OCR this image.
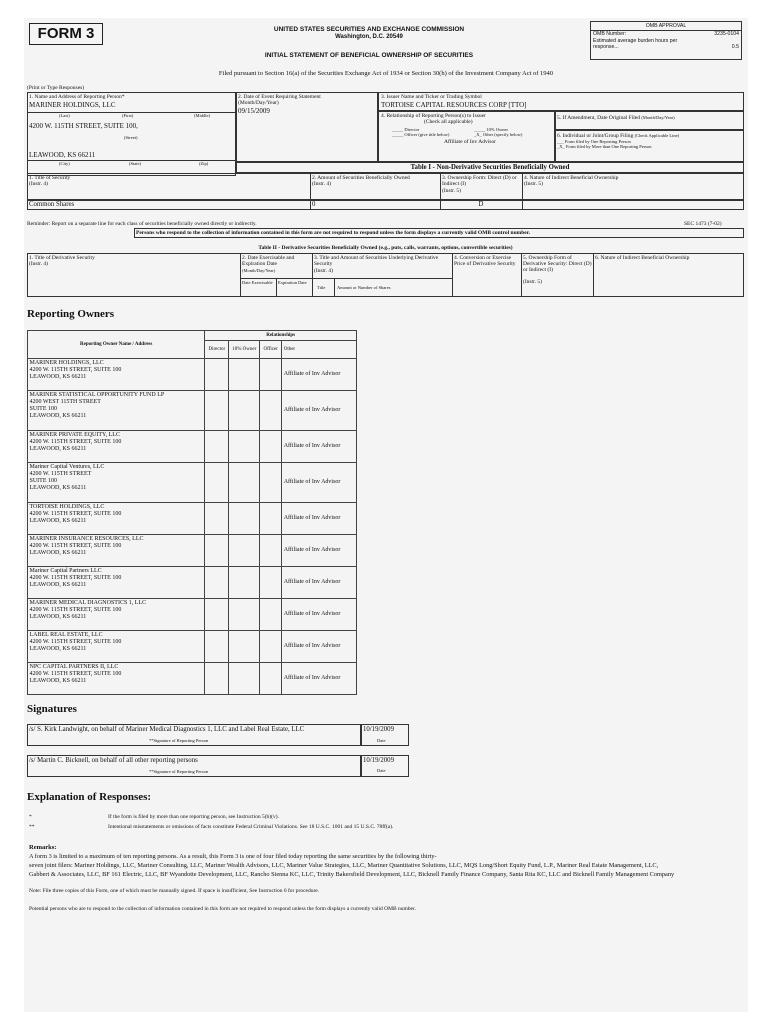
FORM 3	UNITED STATES SECURITIES AND EXCHANGE COMMISSION
Washington, D.C. 20549
INITIAL STATEMENT OF BENEFICIAL OWNERSHIP OF SECURITIES
OMB APPROVAL
OMB Number:	3235-0104
Estimated average burden hours per
response...	0.5
Filed pursuant to Section 16(a) of the Securities Exchange Act of 1934 or Section 30(h) of the Investment Company Act of 1940
(Print or Type Responses)
1. Name and Address of Reporting Person*
MARINER HOLDINGS, LLC
(Last)	(First)	(Middle)
4200 W. 115TH STREET, SUITE 100,
(Street)
LEAWOOD, KS 66211
(City)	(State)	(Zip)
2. Date of Event Requiring Statement
(Month/Day/Year)
09/15/2009
3. Issuer Name and Ticker or Trading Symbol
TORTOISE CAPITAL RESOURCES CORP [TTO]
4. Relationship of Reporting Person(s) to Issuer
(Check all applicable)
_____ Director	_____ 10% Owner
_____ Officer (give title below)	_X_ Other (specify below)
Affiliate of Inv Advisor
5. If Amendment, Date Original Filed (Month/Day/Year)
6. Individual or Joint/Group Filing (Check Applicable Line)
___ Form filed by One Reporting Person
_X_ Form filed by More than One Reporting Person
Table I - Non-Derivative Securities Beneficially Owned
1. Title of Security
(Instr. 4)
2. Amount of Securities Beneficially Owned
(Instr. 4)
3. Ownership Form: Direct (D) or Indirect (I)
(Instr. 5)
4. Nature of Indirect Beneficial Ownership
(Instr. 5)
Common Shares	0	D
Reminder: Report on a separate line for each class of securities beneficially owned directly or indirectly.	SEC 1473 (7-02)
Persons who respond to the collection of information contained in this form are not required to respond unless the form displays a currently valid OMB control number.
Table II - Derivative Securities Beneficially Owned (e.g., puts, calls, warrants, options, convertible securities)
1. Title of Derivative Security
(Instr. 4)
2. Date Exercisable and Expiration Date
(Month/Day/Year)
Date Exercisable	Expiration Date
3. Title and Amount of Securities Underlying Derivative Security
(Instr. 4)
Title	Amount or Number of Shares
4. Conversion or Exercise Price of Derivative Security
5. Ownership Form of Derivative Security: Direct (D) or Indirect (I)
(Instr. 5)
6. Nature of Indirect Beneficial Ownership
Reporting Owners
Reporting Owner Name / Address	Relationships			
	Director	10% Owner	Officer	Other

MARINER HOLDINGS, LLC
4200 W. 115TH STREET, SUITE 100
LEAWOOD, KS 66211				Affiliate of Inv Advisor

MARINER STATISTICAL OPPORTUNITY FUND LP
4200 WEST 115TH STREET
SUITE 100
LEAWOOD, KS 66211				Affiliate of Inv Advisor

MARINER PRIVATE EQUITY, LLC
4200 W. 115TH STREET, SUITE 100
LEAWOOD, KS 66211				Affiliate of Inv Advisor

Mariner Capital Ventures, LLC
4200 W. 115TH STREET
SUITE 100
LEAWOOD, KS 66211				Affiliate of Inv Advisor

TORTOISE HOLDINGS, LLC
4200 W. 115TH STREET, SUITE 100
LEAWOOD, KS 66211				Affiliate of Inv Advisor

MARINER INSURANCE RESOURCES, LLC
4200 W. 115TH STREET, SUITE 100
LEAWOOD, KS 66211				Affiliate of Inv Advisor

Mariner Capital Partners LLC
4200 W. 115TH STREET, SUITE 100
LEAWOOD, KS 66211				Affiliate of Inv Advisor

MARINER MEDICAL DIAGNOSTICS 1, LLC
4200 W. 115TH STREET, SUITE 100
LEAWOOD, KS 66211				Affiliate of Inv Advisor

LABEL REAL ESTATE, LLC
4200 W. 115TH STREET, SUITE 100
LEAWOOD, KS 66211				Affiliate of Inv Advisor

NPC CAPITAL PARTNERS II, LLC
4200 W. 115TH STREET, SUITE 100
LEAWOOD, KS 66211				Affiliate of Inv Advisor
Signatures
/s/ S. Kirk Landwight, on behalf of Mariner Medical Diagnostics 1, LLC and Label Real Estate, LLC
**Signature of Reporting Person
10/19/2009
Date
/s/ Martin C. Bicknell, on behalf of all other reporting persons
**Signature of Reporting Person
10/19/2009
Date
Explanation of Responses:
*	If the form is filed by more than one reporting person, see Instruction 5(b)(v).
**	Intentional misstatements or omissions of facts constitute Federal Criminal Violations. See 18 U.S.C. 1001 and 15 U.S.C. 78ff(a).
Remarks:
A form 3 is limited to a maximum of ten reporting persons. As a result, this Form 3 is one of four filed today reporting the same securities by the following thirty-
seven joint filers: Mariner Holdings, LLC, Mariner Consulting, LLC, Mariner Wealth Advisors, LLC, Mariner Value Strategies, LLC, Mariner Quantitative Solutions, LLC, MQS Long/Short Equity Fund, L.P., Mariner Real Estate Management, LLC,
Gabbert & Associates, LLC, BF 161 Electric, LLC, BF Wyandotte Development, LLC, Rancho Sienna KC, LLC, Trinity Bakersfield Development, LLC, Bicknell Family Finance Company, Santa Rita KC, LLC and Bicknell Family Management Company
Note: File three copies of this Form, one of which must be manually signed. If space is insufficient, See Instruction 6 for procedure.
Potential persons who are to respond to the collection of information contained in this form are not required to respond unless the form displays a currently valid OMB number.
